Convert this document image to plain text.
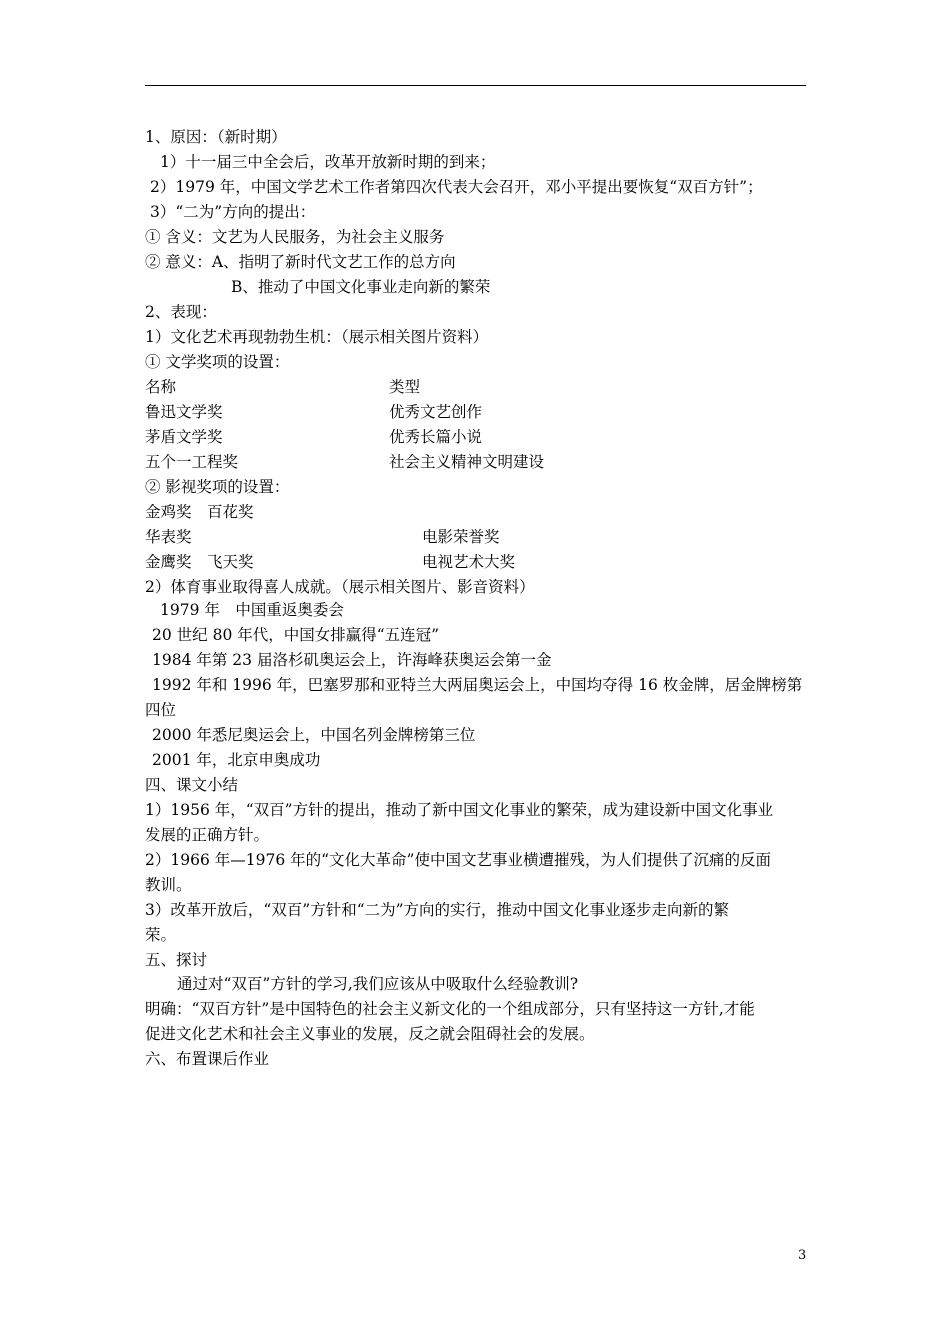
1、原因：（新时期）
1）十一届三中全会后，改革开放新时期的到来；
2）1979 年，中国文学艺术工作者第四次代表大会召开，邓小平提出要恢复“双百方针”；
3）“二为”方向的提出：
① 含义：文艺为人民服务，为社会主义服务
② 意义：A、指明了新时代文艺工作的总方向
B、推动了中国文化事业走向新的繁荣
2、表现：
1）文化艺术再现勃勃生机：（展示相关图片资料）
① 文学奖项的设置：
名称	类型
鲁迅文学奖	优秀文艺创作
茅盾文学奖	优秀长篇小说
五个一工程奖	社会主义精神文明建设
② 影视奖项的设置：
金鸡奖　百花奖
华表奖	电影荣誉奖
金鹰奖　飞天奖	电视艺术大奖
2）体育事业取得喜人成就。（展示相关图片、影音资料）
1979 年　中国重返奥委会
20 世纪 80 年代，中国女排赢得“五连冠”
1984 年第 23 届洛杉矶奥运会上，许海峰获奥运会第一金
1992 年和 1996 年，巴塞罗那和亚特兰大两届奥运会上，中国均夺得 16 枚金牌，居金牌榜第
四位
2000 年悉尼奥运会上，中国名列金牌榜第三位
2001 年，北京申奥成功
四、课文小结
1）1956 年，“双百”方针的提出，推动了新中国文化事业的繁荣，成为建设新中国文化事业
发展的正确方针。
2）1966 年—1976 年的“文化大革命”使中国文艺事业横遭摧残，为人们提供了沉痛的反面
教训。
3）改革开放后，“双百”方针和“二为”方向的实行，推动中国文化事业逐步走向新的繁
荣。
五、探讨
通过对“双百”方针的学习,我们应该从中吸取什么经验教训?
明确：“双百方针”是中国特色的社会主义新文化的一个组成部分，只有坚持这一方针,才能
促进文化艺术和社会主义事业的发展，反之就会阻碍社会的发展。
六、布置课后作业
3
